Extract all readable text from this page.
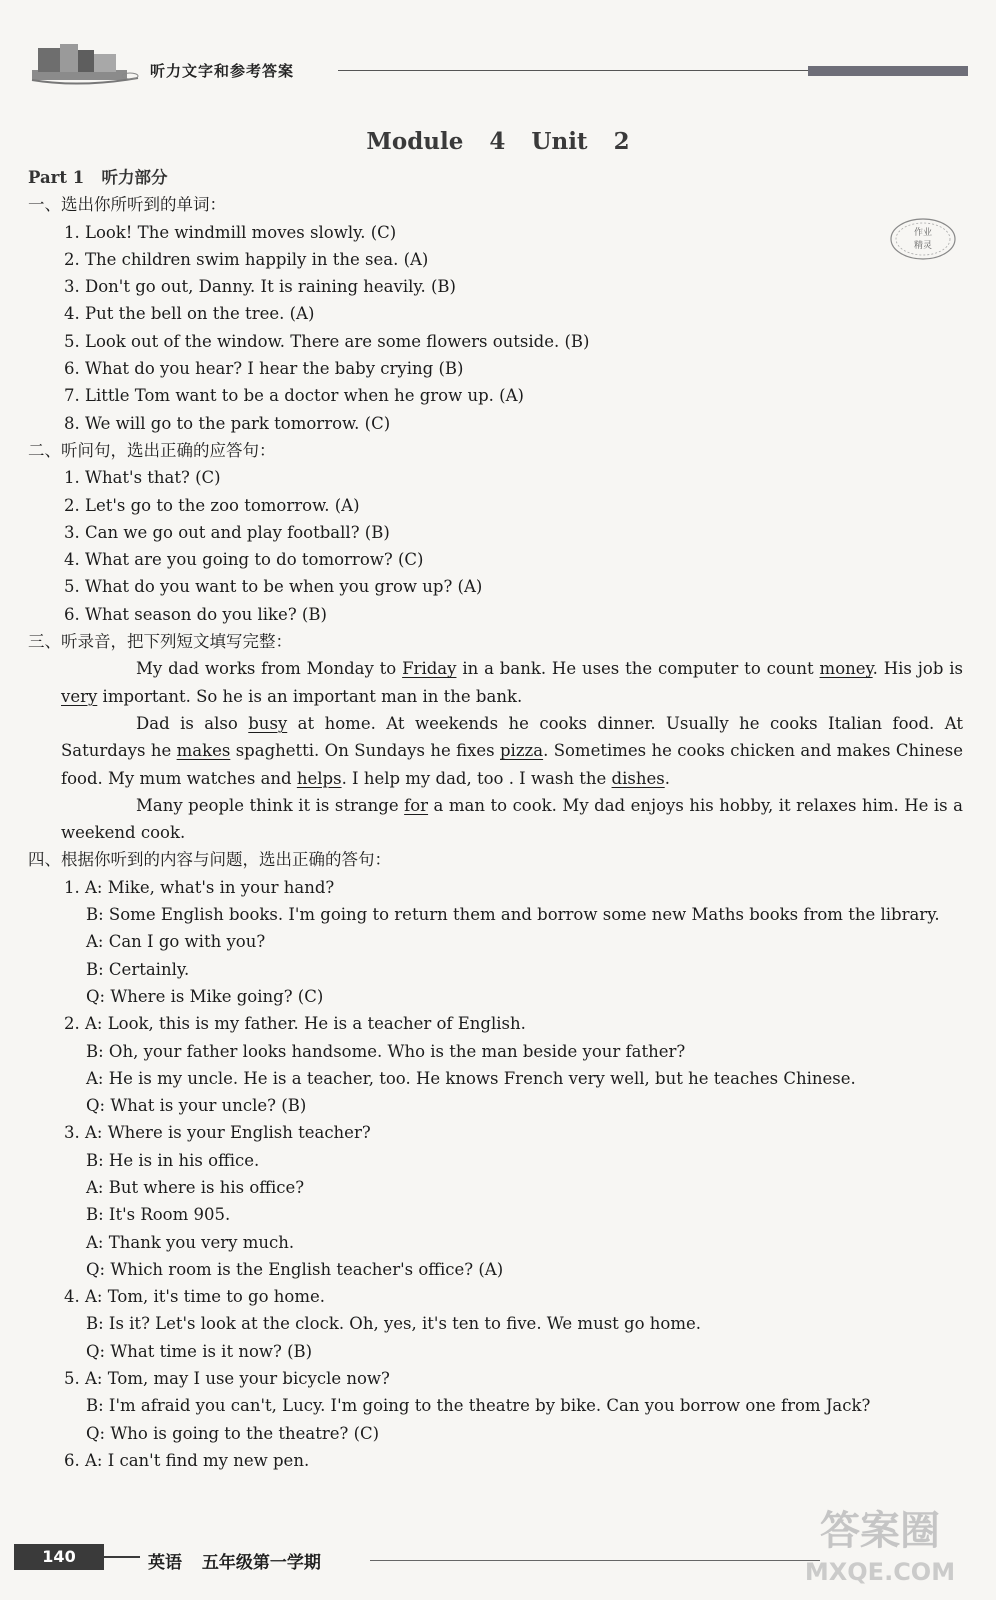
听力文字和参考答案
Module 4 Unit 2
作业
精灵
Part 1 听力部分
一、选出你所听到的单词：
1. Look! The windmill moves slowly. (C)
2. The children swim happily in the sea. (A)
3. Don't go out, Danny. It is raining heavily. (B)
4. Put the bell on the tree. (A)
5. Look out of the window. There are some flowers outside. (B)
6. What do you hear? I hear the baby crying (B)
7. Little Tom want to be a doctor when he grow up. (A)
8. We will go to the park tomorrow. (C)
二、听问句，选出正确的应答句：
1. What's that? (C)
2. Let's go to the zoo tomorrow. (A)
3. Can we go out and play football? (B)
4. What are you going to do tomorrow? (C)
5. What do you want to be when you grow up? (A)
6. What season do you like? (B)
三、听录音，把下列短文填写完整：
My dad works from Monday to Friday in a bank. He uses the computer to count money. His job is very important. So he is an important man in the bank.
Dad is also busy at home. At weekends he cooks dinner. Usually he cooks Italian food. At Saturdays he makes spaghetti. On Sundays he fixes pizza. Sometimes he cooks chicken and makes Chinese food. My mum watches and helps. I help my dad, too . I wash the dishes.
Many people think it is strange for a man to cook. My dad enjoys his hobby, it relaxes him. He is a weekend cook.
四、根据你听到的内容与问题，选出正确的答句：
1. A: Mike, what's in your hand?
B: Some English books. I'm going to return them and borrow some new Maths books from the library.
A: Can I go with you?
B: Certainly.
Q: Where is Mike going? (C)
2. A: Look, this is my father. He is a teacher of English.
B: Oh, your father looks handsome. Who is the man beside your father?
A: He is my uncle. He is a teacher, too. He knows French very well, but he teaches Chinese.
Q: What is your uncle? (B)
3. A: Where is your English teacher?
B: He is in his office.
A: But where is his office?
B: It's Room 905.
A: Thank you very much.
Q: Which room is the English teacher's office? (A)
4. A: Tom, it's time to go home.
B: Is it? Let's look at the clock. Oh, yes, it's ten to five. We must go home.
Q: What time is it now? (B)
5. A: Tom, may I use your bicycle now?
B: I'm afraid you can't, Lucy. I'm going to the theatre by bike. Can you borrow one from Jack?
Q: Who is going to the theatre? (C)
6. A: I can't find my new pen.
140	英语 五年级第一学期
答案圈
MXQE.COM
